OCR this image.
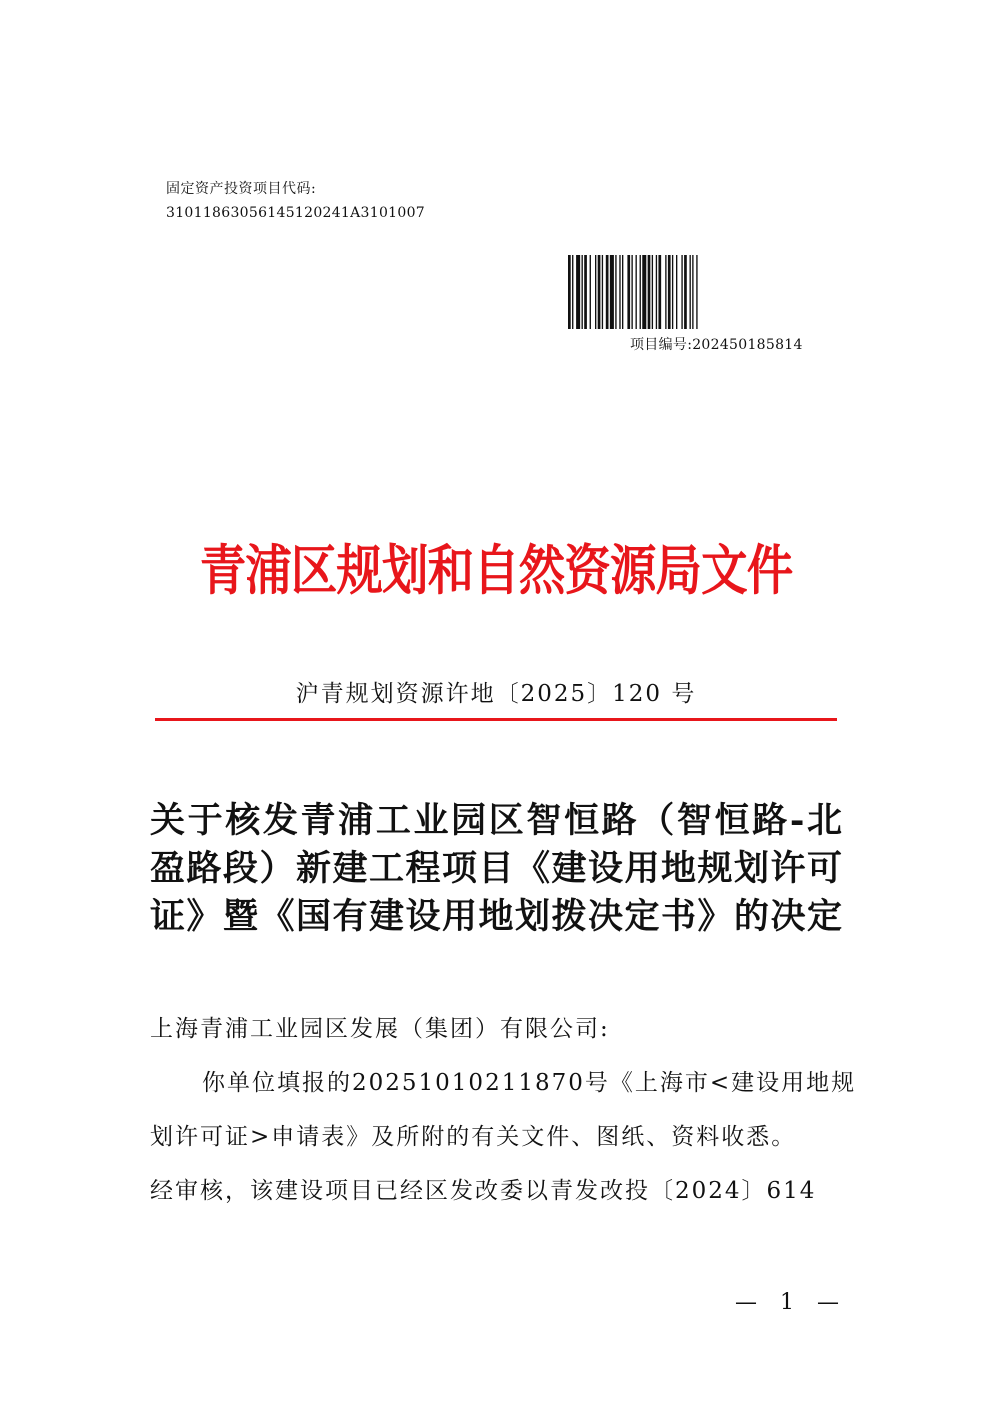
固定资产投资项目代码:
31011863056145120241A3101007
项目编号:202450185814
青浦区规划和自然资源局文件
沪青规划资源许地〔2025〕120 号
关于核发青浦工业园区智恒路（智恒路-北
盈路段）新建工程项目《建设用地规划许可
证》暨《国有建设用地划拨决定书》的决定
上海青浦工业园区发展（集团）有限公司:
你单位填报的20251010211870号《上海市<建设用地规
划许可证>申请表》及所附的有关文件、图纸、资料收悉。
经审核，该建设项目已经区发改委以青发改投〔2024〕614
— 1 —
